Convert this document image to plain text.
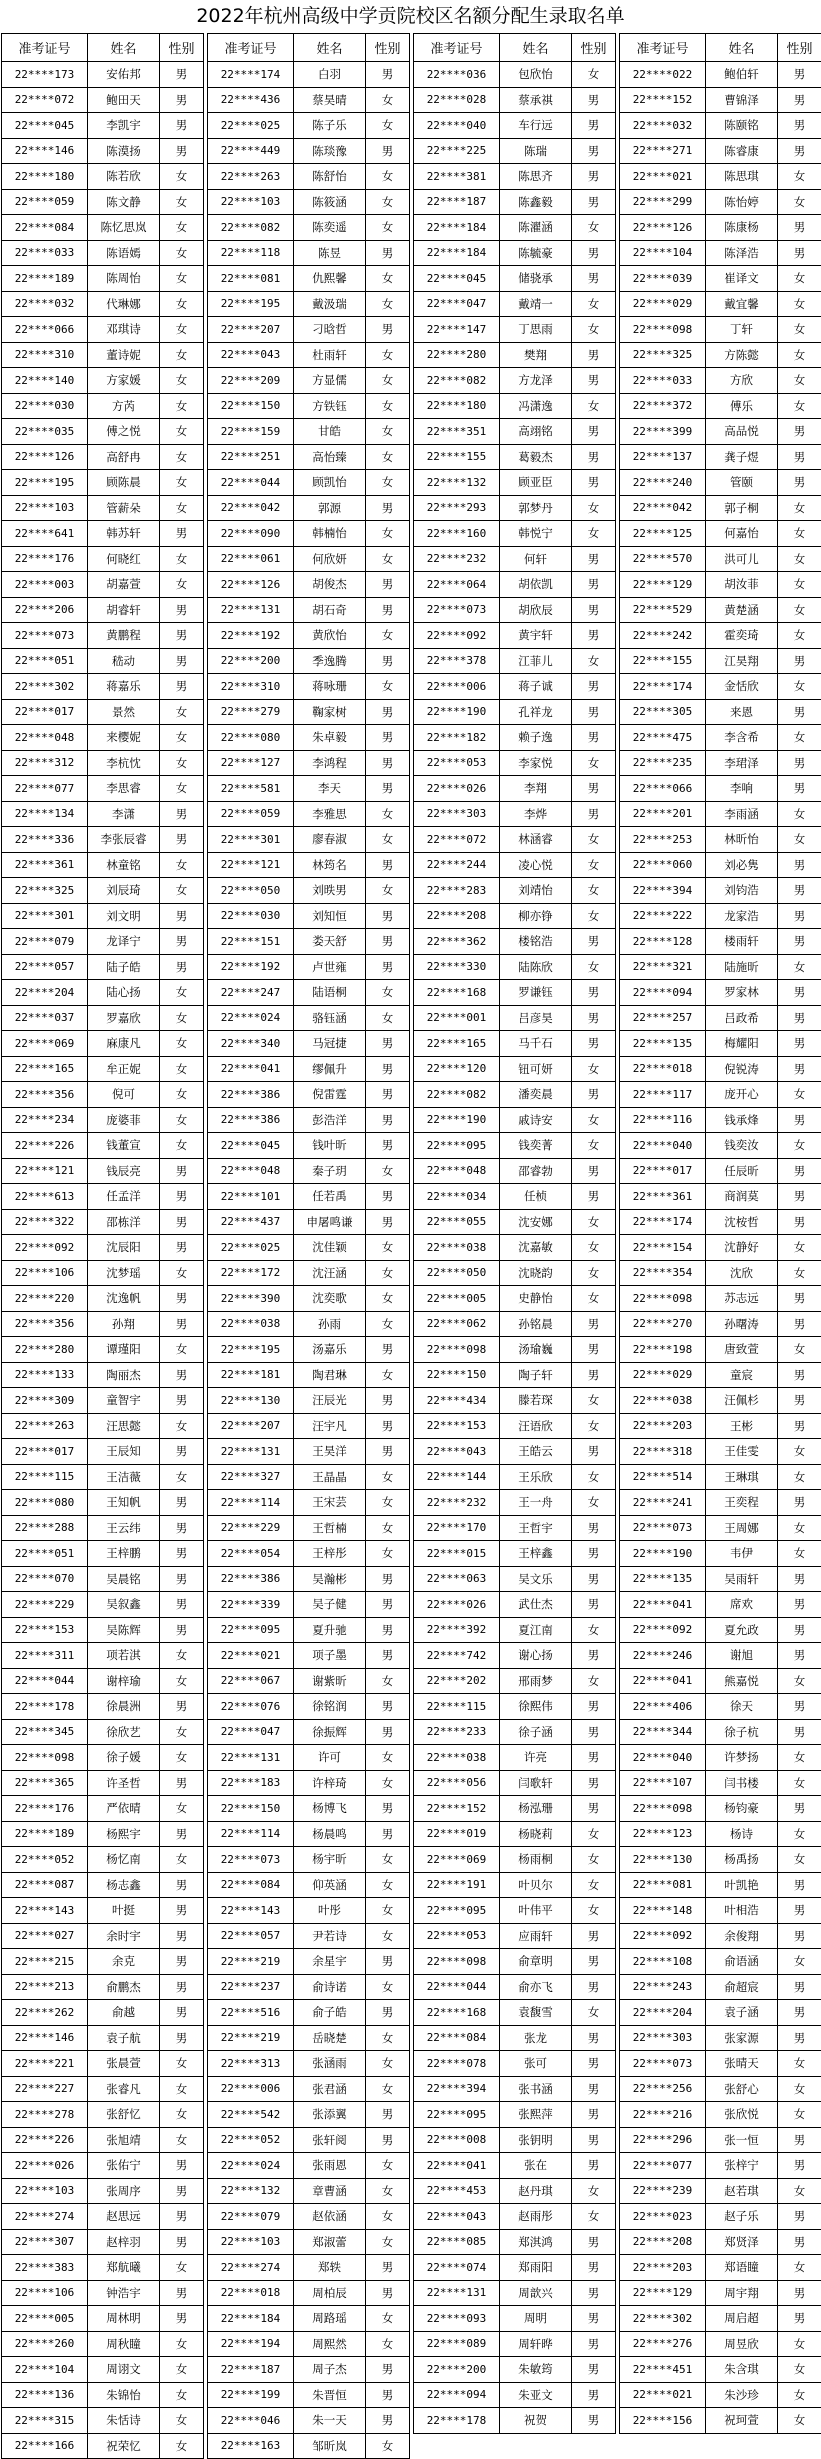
2022年杭州高级中学贡院校区名额分配生录取名单
准考证号	姓名	性别
22****173	安佑邦	男
22****072	鲍田天	男
22****045	李凯宇	男
22****146	陈漠扬	男
22****180	陈若欣	女
22****059	陈文静	女
22****084	陈忆思岚	女
22****033	陈语嫣	女
22****189	陈周怡	女
22****032	代琳娜	女
22****066	邓琪诗	女
22****310	董诗妮	女
22****140	方家媛	女
22****030	方芮	女
22****035	傅之悦	女
22****126	高舒冉	女
22****195	顾陈晨	女
22****103	管薪朵	女
22****641	韩苏轩	男
22****176	何晓红	女
22****003	胡嘉萱	女
22****206	胡睿轩	男
22****073	黄鹏程	男
22****051	嵇动	男
22****302	蒋嘉乐	男
22****017	景然	女
22****048	来樱妮	女
22****312	李杭忱	女
22****077	李思睿	女
22****134	李潇	男
22****336	李张辰睿	男
22****361	林童铭	女
22****325	刘辰琦	女
22****301	刘文明	男
22****079	龙译宁	男
22****057	陆子皓	男
22****204	陆心扬	女
22****037	罗嘉欣	女
22****069	麻康凡	女
22****165	牟正妮	女
22****356	倪可	女
22****234	庞婆菲	女
22****226	钱董宣	女
22****121	钱辰亮	男
22****613	任孟洋	男
22****322	邵栋洋	男
22****092	沈辰阳	男
22****106	沈梦瑶	女
22****220	沈逸帆	男
22****356	孙翔	男
22****280	谭瑾阳	女
22****133	陶丽杰	男
22****309	童智宇	男
22****263	汪思懿	女
22****017	王辰知	男
22****115	王洁薇	女
22****080	王知帆	男
22****288	王云纬	男
22****051	王梓鹏	男
22****070	吴晨铭	男
22****229	吴叙鑫	男
22****153	吴陈辉	男
22****311	项若淇	女
22****044	谢梓瑜	女
22****178	徐晨洲	男
22****345	徐欣艺	女
22****098	徐子媛	女
22****365	许圣哲	男
22****176	严依晴	女
22****189	杨熙宇	男
22****052	杨忆南	女
22****087	杨志鑫	男
22****143	叶挺	男
22****027	余时宇	男
22****215	余克	男
22****213	俞鹏杰	男
22****262	俞越	男
22****146	袁子航	男
22****221	张晨萱	女
22****227	张睿凡	女
22****278	张舒忆	女
22****226	张旭靖	女
22****026	张佑宁	男
22****103	张周序	男
22****274	赵思远	男
22****307	赵梓羽	男
22****383	郑航曦	女
22****106	钟浩宇	男
22****005	周林明	男
22****260	周秋瞳	女
22****104	周诩文	女
22****136	朱锦怡	女
22****315	朱恬诗	女
22****166	祝荣忆	女
准考证号	姓名	性别
22****174	白羽	男
22****436	蔡昊晴	女
22****025	陈子乐	女
22****449	陈琰豫	男
22****263	陈舒怡	女
22****103	陈筱涵	女
22****082	陈奕遥	女
22****118	陈昱	男
22****081	仇熙馨	女
22****195	戴汲瑞	女
22****207	刁晗哲	男
22****043	杜雨轩	女
22****209	方显儒	女
22****150	方铁钰	女
22****159	甘皓	女
22****251	高怡臻	女
22****044	顾凯怡	女
22****042	郭源	男
22****090	韩楠怡	女
22****061	何欣妍	女
22****126	胡俊杰	男
22****131	胡石奇	男
22****192	黄欣怡	女
22****200	季逸腾	男
22****310	蒋咏珊	女
22****279	鞠家树	男
22****080	朱卓毅	男
22****127	李鸿程	男
22****581	李天	男
22****059	李雅思	女
22****301	廖春淑	女
22****121	林筠名	男
22****050	刘昳男	女
22****030	刘知恒	男
22****151	娄天舒	男
22****192	卢世雍	男
22****247	陆语桐	女
22****024	骆钰涵	女
22****340	马冠捷	男
22****041	缪佩升	男
22****386	倪雷霆	男
22****386	彭浩洋	男
22****045	钱叶昕	男
22****048	秦子玥	女
22****101	任若禹	男
22****437	申屠鸣谦	男
22****025	沈佳颖	女
22****172	沈汪涵	女
22****390	沈奕歌	女
22****038	孙雨	女
22****195	汤嘉乐	男
22****181	陶君琳	女
22****130	汪辰光	男
22****207	汪宇凡	男
22****131	王昊洋	男
22****327	王晶晶	女
22****114	王宋芸	女
22****229	王哲楠	女
22****054	王梓彤	女
22****386	吴瀚彬	男
22****339	吴子健	男
22****095	夏升驰	男
22****021	项子墨	男
22****067	谢紫昕	女
22****076	徐铭润	男
22****047	徐振辉	男
22****131	许可	女
22****183	许梓琦	女
22****150	杨博飞	男
22****114	杨晨鸣	男
22****073	杨宇昕	女
22****084	仰英涵	女
22****143	叶彤	女
22****057	尹若诗	女
22****219	余星宇	男
22****237	俞诗诺	女
22****516	俞子皓	男
22****219	岳晓楚	女
22****313	张涵雨	女
22****006	张君涵	女
22****542	张添翼	男
22****052	张轩阅	男
22****024	张雨恩	女
22****132	章曹涵	女
22****079	赵依涵	女
22****103	郑淑蕾	女
22****274	郑轶	男
22****018	周柏辰	男
22****184	周路瑶	女
22****194	周熙然	女
22****187	周子杰	男
22****199	朱晋恒	男
22****046	朱一天	男
22****163	邹昕岚	女
准考证号	姓名	性别
22****036	包欣怡	女
22****028	蔡承祺	男
22****040	车行远	男
22****225	陈瑞	男
22****381	陈思齐	男
22****187	陈鑫毅	男
22****184	陈濯涵	女
22****184	陈毓豪	男
22****045	储骁承	男
22****047	戴靖一	女
22****147	丁思雨	女
22****280	樊翔	男
22****082	方龙泽	男
22****180	冯潇逸	女
22****351	高翊铭	男
22****155	葛毅杰	男
22****132	顾亚臣	男
22****293	郭梦丹	女
22****160	韩悦宁	女
22****232	何轩	男
22****064	胡依凯	男
22****073	胡欣辰	男
22****092	黄宇轩	男
22****378	江菲儿	女
22****006	蒋子诚	男
22****190	孔祥龙	男
22****182	赖子逸	男
22****053	李家悦	女
22****026	李翔	男
22****303	李烨	男
22****072	林涵睿	女
22****244	凌心悦	女
22****283	刘靖怡	女
22****208	柳亦铮	女
22****362	楼铭浩	男
22****330	陆陈欣	女
22****168	罗谦钰	男
22****001	吕彦昊	男
22****165	马千石	男
22****120	钮可妍	女
22****082	潘奕晨	男
22****190	戚诗安	女
22****095	钱奕菁	女
22****048	邵睿勃	男
22****034	任桢	男
22****055	沈安娜	女
22****038	沈嘉敏	女
22****050	沈晓韵	女
22****005	史静怡	女
22****062	孙铭晨	男
22****098	汤瑜巍	男
22****150	陶子轩	男
22****434	滕若琛	女
22****153	汪语欣	女
22****043	王皓云	男
22****144	王乐欣	女
22****232	王一舟	女
22****170	王哲宇	男
22****015	王梓鑫	男
22****063	吴文乐	男
22****026	武仕杰	男
22****392	夏江南	女
22****742	谢心扬	男
22****202	邢雨梦	女
22****115	徐熙伟	男
22****233	徐子涵	男
22****038	许亮	男
22****056	闫歌轩	男
22****152	杨泓珊	男
22****019	杨晓莉	女
22****069	杨雨桐	女
22****191	叶贝尔	女
22****095	叶伟平	女
22****053	应雨轩	男
22****098	俞章明	男
22****044	俞亦飞	男
22****168	袁馥雪	女
22****084	张龙	男
22****078	张可	男
22****394	张书涵	男
22****095	张熙萍	男
22****008	张钥明	男
22****041	张在	男
22****453	赵丹琪	女
22****043	赵雨彤	女
22****085	郑淇鸿	男
22****074	郑雨阳	男
22****131	周歆兴	男
22****093	周明	男
22****089	周轩晔	男
22****200	朱敏筠	男
22****094	朱亚文	男
22****178	祝贺	男
准考证号	姓名	性别
22****022	鲍伯轩	男
22****152	曹锦泽	男
22****032	陈颐铭	男
22****271	陈睿康	男
22****021	陈思琪	女
22****299	陈怡婷	女
22****126	陈康杨	男
22****104	陈泽浩	男
22****039	崔译文	女
22****029	戴宜馨	女
22****098	丁轩	女
22****325	方陈懿	女
22****033	方欣	女
22****372	傅乐	女
22****399	高品悦	男
22****137	龚子煜	男
22****240	管颐	男
22****042	郭子桐	女
22****125	何嘉怡	女
22****570	洪可儿	女
22****129	胡汝菲	女
22****529	黄楚涵	女
22****242	霍奕琦	女
22****155	江昊翔	男
22****174	金恬欣	女
22****305	来恩	男
22****475	李含希	女
22****235	李珺泽	男
22****066	李响	男
22****201	李雨涵	女
22****253	林昕怡	女
22****060	刘必隽	男
22****394	刘钧浩	男
22****222	龙家浩	男
22****128	楼雨轩	男
22****321	陆施昕	女
22****094	罗家林	男
22****257	吕政希	男
22****135	梅耀阳	男
22****018	倪锐涛	男
22****117	庞开心	女
22****116	钱承烽	男
22****040	钱奕汝	女
22****017	任辰昕	男
22****361	商润莫	男
22****174	沈桉哲	男
22****154	沈静好	女
22****354	沈欣	女
22****098	苏志远	男
22****270	孙曙涛	男
22****198	唐致萱	女
22****029	童宸	男
22****038	汪佩杉	男
22****203	王彬	男
22****318	王佳雯	女
22****514	王琳琪	女
22****241	王奕程	男
22****073	王周娜	女
22****190	韦伊	女
22****135	吴雨轩	男
22****041	席欢	男
22****092	夏允政	男
22****246	谢旭	男
22****041	熊嘉悦	女
22****406	徐天	男
22****344	徐子杭	男
22****040	许梦扬	女
22****107	闫书楼	女
22****098	杨钧豪	男
22****123	杨诗	女
22****130	杨禹扬	女
22****081	叶凯艳	男
22****148	叶相浩	男
22****092	余俊翔	男
22****108	俞语涵	女
22****243	俞超宸	男
22****204	袁子涵	男
22****303	张家源	男
22****073	张晴天	女
22****256	张舒心	女
22****216	张欣悦	女
22****296	张一恒	男
22****077	张梓宁	男
22****239	赵若琪	女
22****023	赵子乐	男
22****208	郑贤泽	男
22****203	郑语瞳	女
22****129	周宇翔	男
22****302	周启超	男
22****276	周昱欣	女
22****451	朱含琪	女
22****021	朱沙珍	女
22****156	祝珂萱	女
